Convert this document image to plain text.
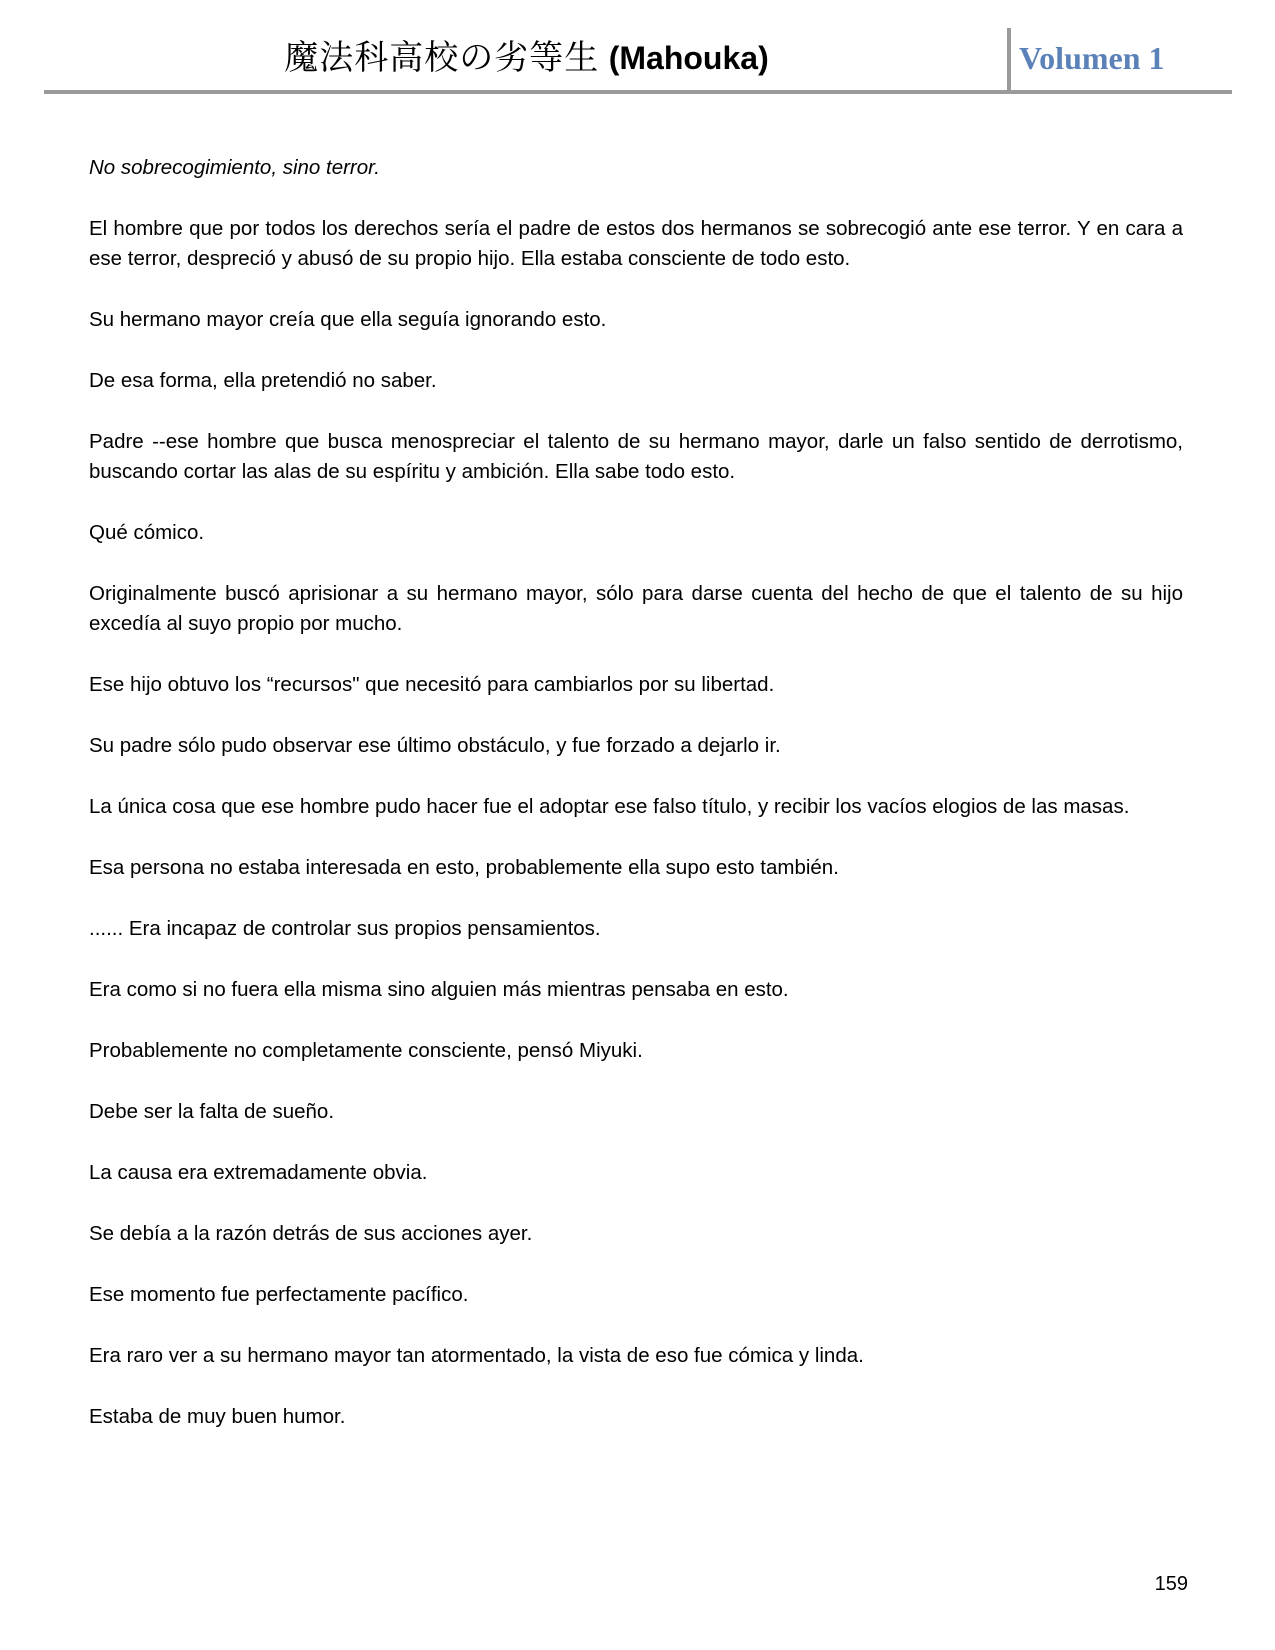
魔法科高校の劣等生 (Mahouka)	Volumen 1

No sobrecogimiento, sino terror.

El hombre que por todos los derechos sería el padre de estos dos hermanos se sobrecogió ante ese terror. Y en cara a ese terror, despreció y abusó de su propio hijo. Ella estaba consciente de todo esto.

Su hermano mayor creía que ella seguía ignorando esto.

De esa forma, ella pretendió no saber.

Padre --ese hombre que busca menospreciar el talento de su hermano mayor, darle un falso sentido de derrotismo, buscando cortar las alas de su espíritu y ambición. Ella sabe todo esto.

Qué cómico.

Originalmente buscó aprisionar a su hermano mayor, sólo para darse cuenta del hecho de que el talento de su hijo excedía al suyo propio por mucho.

Ese hijo obtuvo los “recursos" que necesitó para cambiarlos por su libertad.

Su padre sólo pudo observar ese último obstáculo, y fue forzado a dejarlo ir.

La única cosa que ese hombre pudo hacer fue el adoptar ese falso título, y recibir los vacíos elogios de las masas.

Esa persona no estaba interesada en esto, probablemente ella supo esto también.

...... Era incapaz de controlar sus propios pensamientos.

Era como si no fuera ella misma sino alguien más mientras pensaba en esto.

Probablemente no completamente consciente, pensó Miyuki.

Debe ser la falta de sueño.

La causa era extremadamente obvia.

Se debía a la razón detrás de sus acciones ayer.

Ese momento fue perfectamente pacífico.

Era raro ver a su hermano mayor tan atormentado, la vista de eso fue cómica y linda.

Estaba de muy buen humor.

159
